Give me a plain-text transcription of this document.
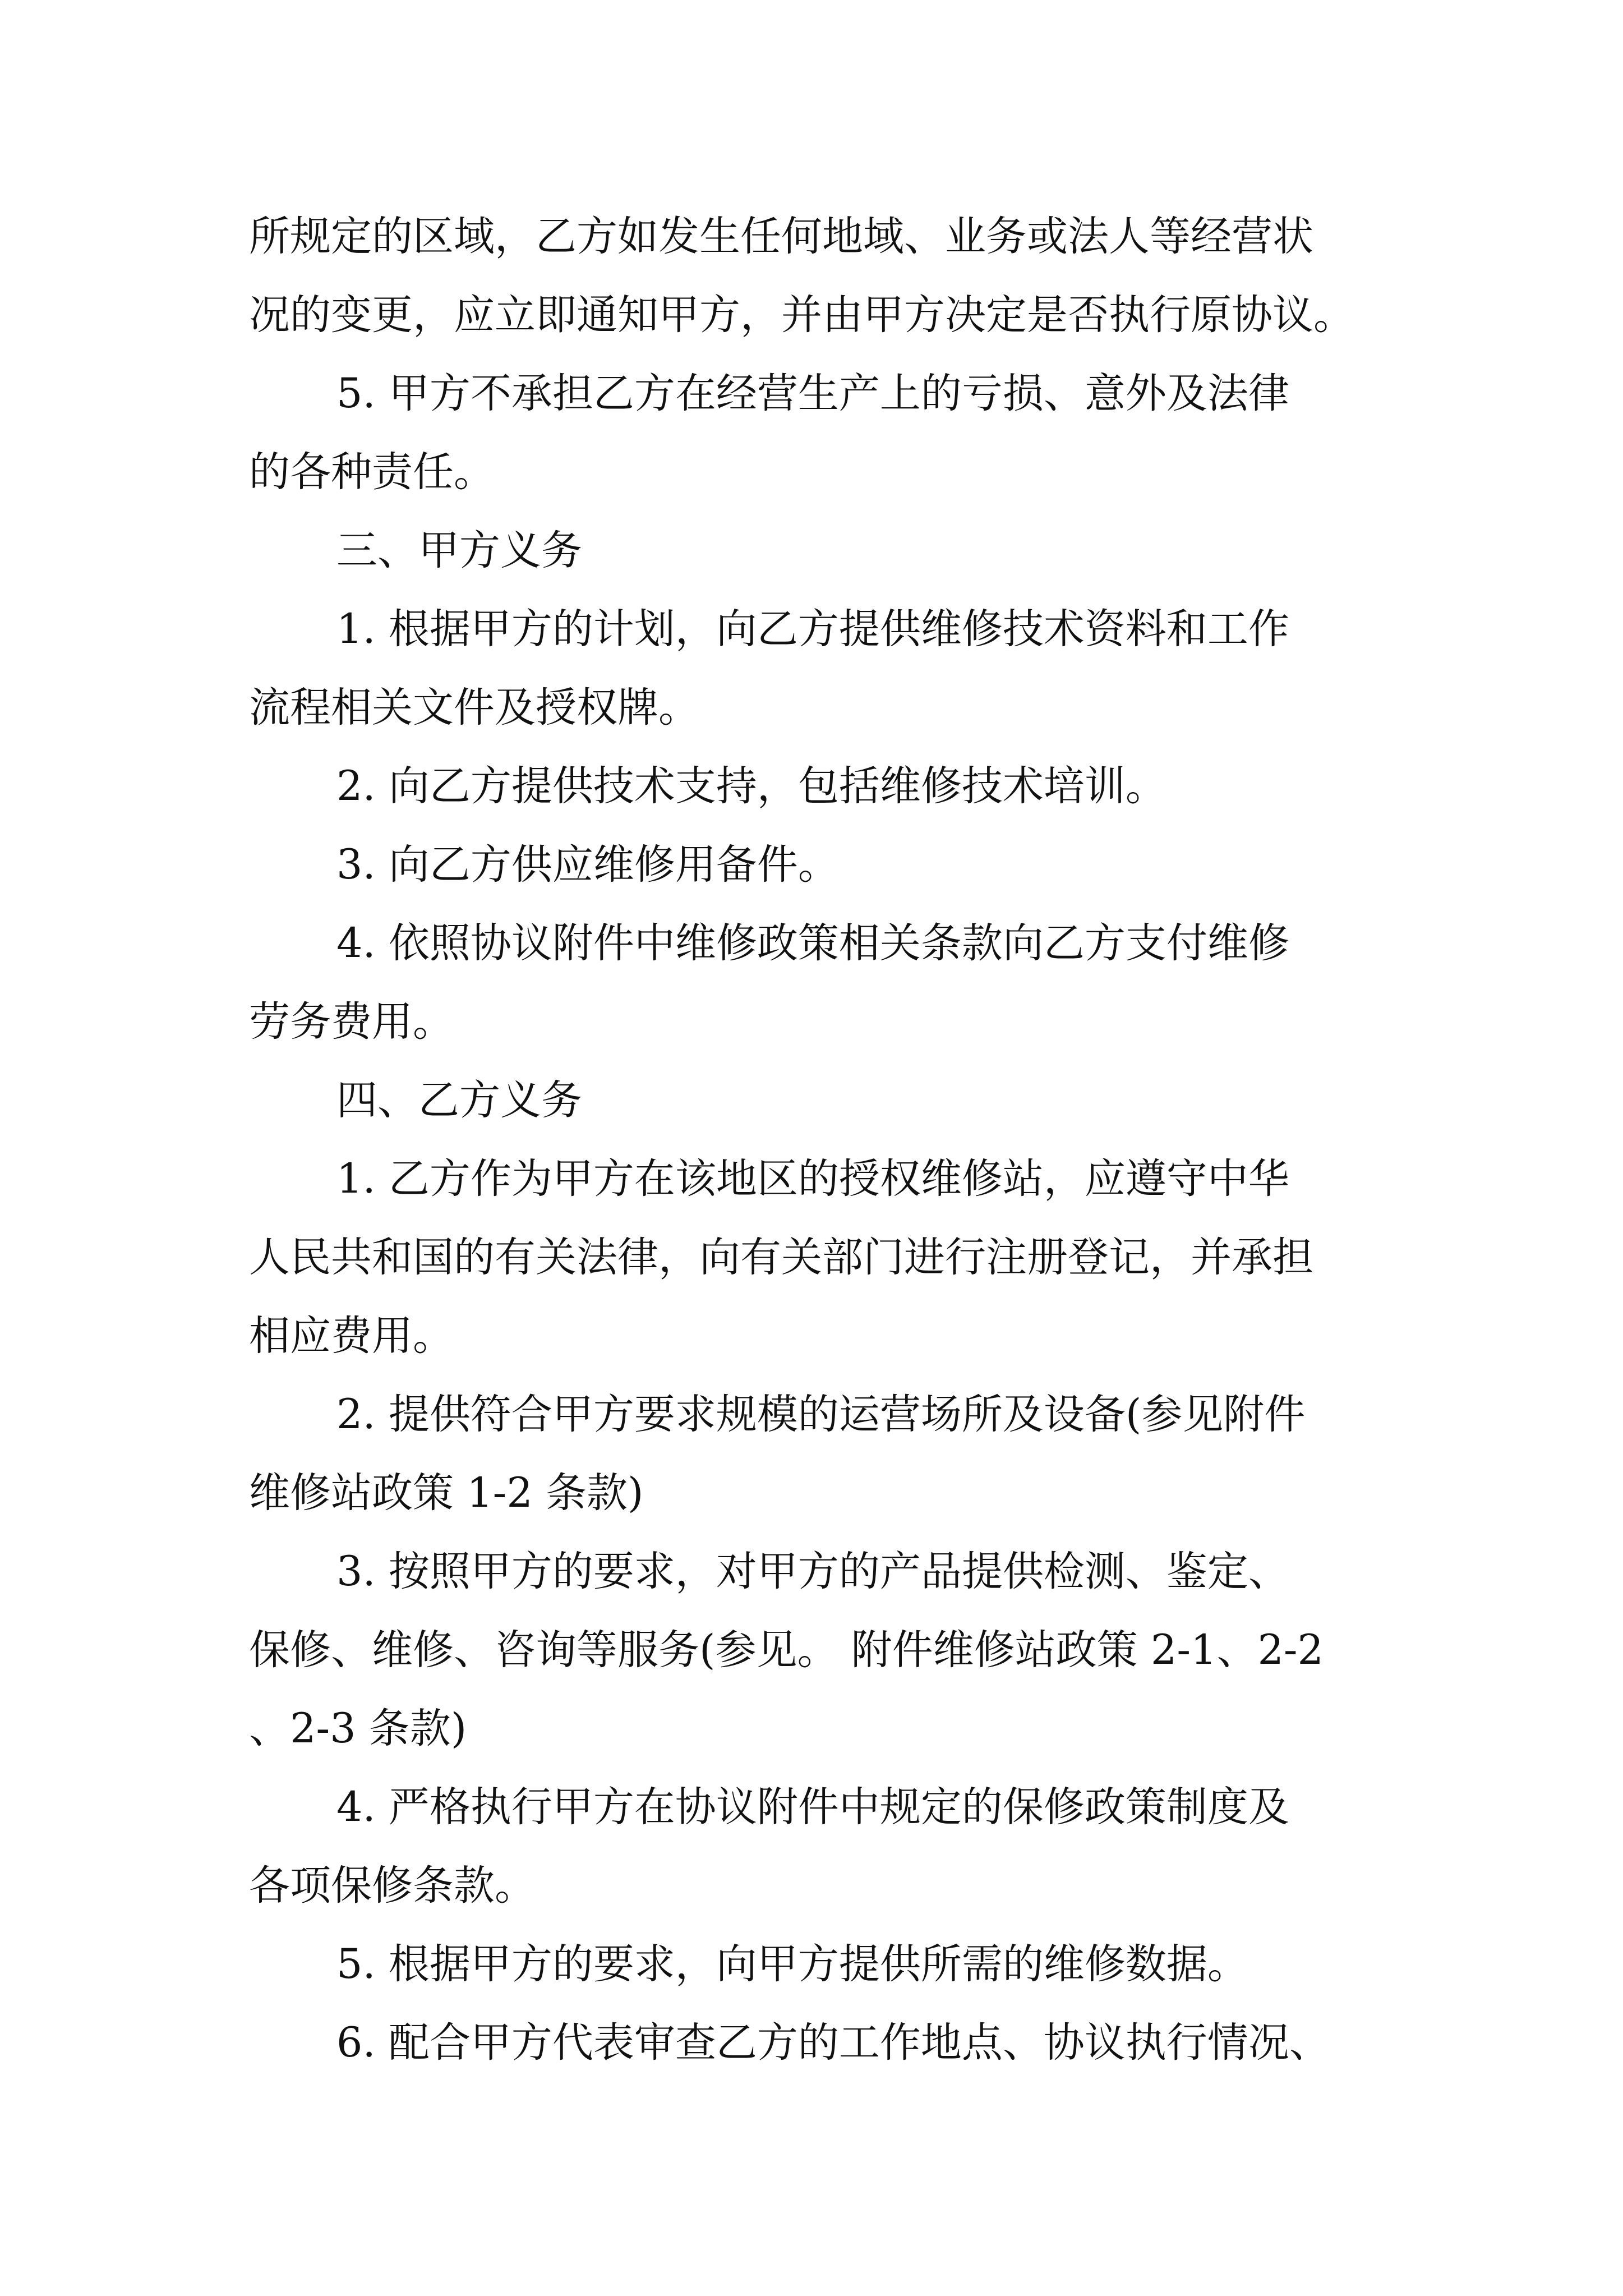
所规定的区域，乙方如发生任何地域、业务或法人等经营状

况的变更，应立即通知甲方，并由甲方决定是否执行原协议。

5. 甲方不承担乙方在经营生产上的亏损、意外及法律

的各种责任。

三、甲方义务

1. 根据甲方的计划，向乙方提供维修技术资料和工作

流程相关文件及授权牌。

2. 向乙方提供技术支持，包括维修技术培训。

3. 向乙方供应维修用备件。

4. 依照协议附件中维修政策相关条款向乙方支付维修

劳务费用。

四、乙方义务

1. 乙方作为甲方在该地区的授权维修站，应遵守中华

人民共和国的有关法律，向有关部门进行注册登记，并承担

相应费用。

2. 提供符合甲方要求规模的运营场所及设备(参见附件

维修站政策 1-2 条款)

3. 按照甲方的要求，对甲方的产品提供检测、鉴定、

保修、维修、咨询等服务(参见。 附件维修站政策 2-1、2-2

、2-3 条款)

4. 严格执行甲方在协议附件中规定的保修政策制度及

各项保修条款。

5. 根据甲方的要求，向甲方提供所需的维修数据。

6. 配合甲方代表审查乙方的工作地点、协议执行情况、
